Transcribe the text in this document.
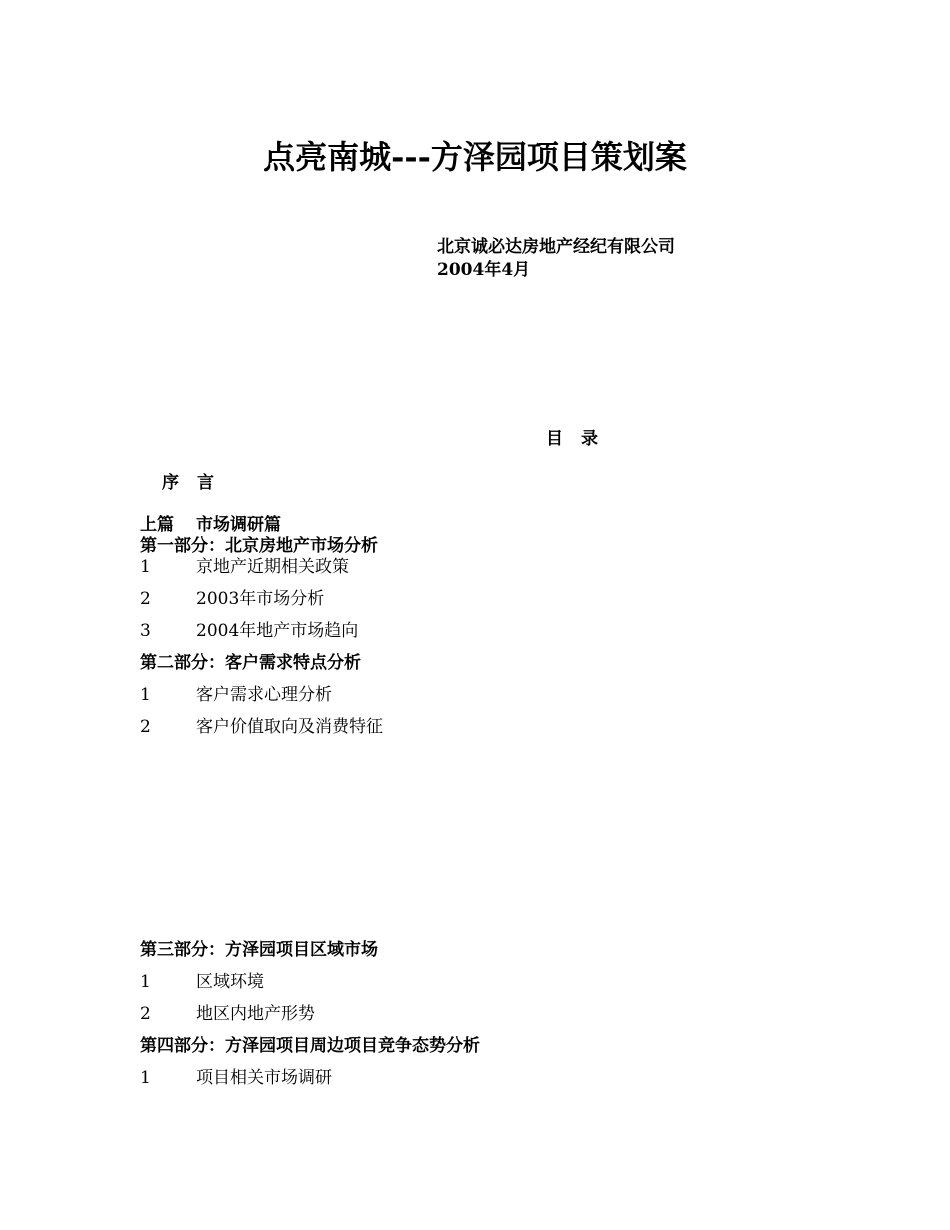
点亮南城---方泽园项目策划案
北京诚必达房地产经纪有限公司
2004年4月
目录
序言
上篇 市场调研篇
第一部分：北京房地产市场分析
1	京地产近期相关政策
2	2003年市场分析
3	2004年地产市场趋向
第二部分：客户需求特点分析
1	客户需求心理分析
2	客户价值取向及消费特征
第三部分：方泽园项目区域市场
1	区域环境
2	地区内地产形势
第四部分：方泽园项目周边项目竞争态势分析
1	项目相关市场调研
